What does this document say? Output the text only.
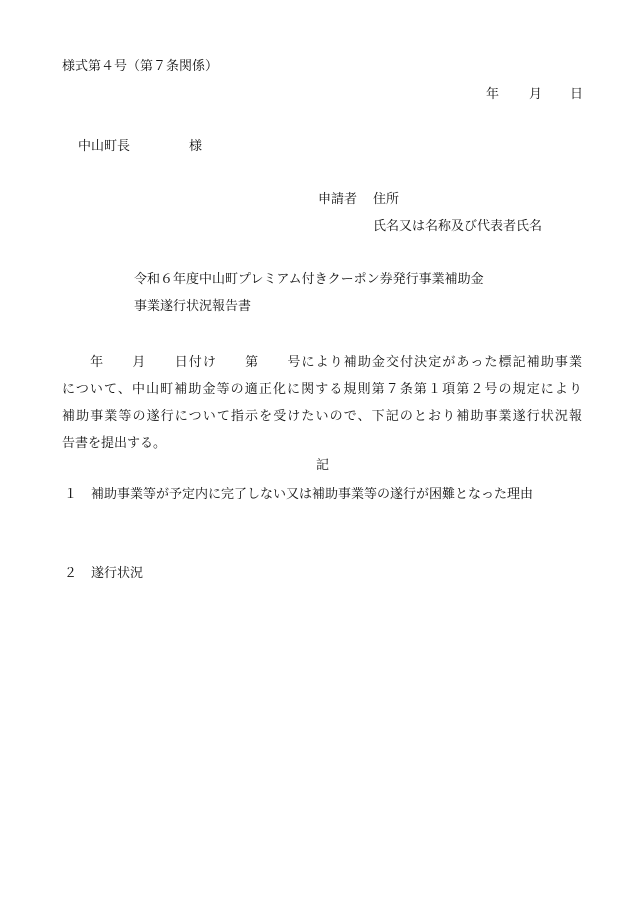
様式第４号（第７条関係）
年 月 日
中山町長	様
申請者 住所
氏名又は名称及び代表者氏名
令和６年度中山町プレミアム付きクーポン券発行事業補助金
事業遂行状況報告書
　　年　　月　　日付け　　第　　号により補助金交付決定があった標記補助事業
について、中山町補助金等の適正化に関する規則第７条第１項第２号の規定により
補助事業等の遂行について指示を受けたいので、下記のとおり補助事業遂行状況報
告書を提出する。
記
１ 補助事業等が予定内に完了しない又は補助事業等の遂行が困難となった理由
２ 遂行状況
